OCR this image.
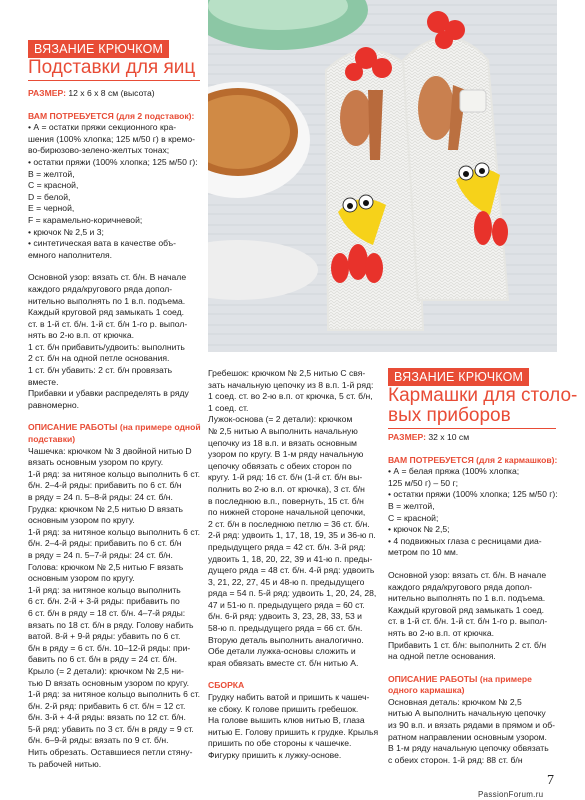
ВЯЗАНИЕ КРЮЧКОМ
Подставки для яиц

РАЗМЕР: 12 х 6 х 8 см (высота)

ВАМ ПОТРЕБУЕТСЯ (для 2 подставок):

• А = остатки пряжи секционного кра-

шения (100% хлопка; 125 м/50 г) в кремо-

во-бирюзово-зелено-желтых тонах;

• остатки пряжи (100% хлопка; 125 м/50 г):

В = желтой,

С = красной,

D = белой,

Е = черной,

F = карамельно-коричневой;

• крючок № 2,5 и 3;

• синтетическая вата в качестве объ-

емного наполнителя.

Основной узор: вязать ст. б/н. В начале

каждого ряда/кругового ряда допол-

нительно выполнять по 1 в.п. подъема.

Каждый круговой ряд замыкать 1 соед.

ст. в 1-й ст. б/н. 1-й ст. б/н 1-го р. выпол-

нять во 2-ю в.п. от крючка.

1 ст. б/н прибавить/удвоить: выполнить

2 ст. б/н на одной петле основания.

1 ст. б/н убавить: 2 ст. б/н провязать

вместе.

Прибавки и убавки распределять в ряду

равномерно.

ОПИСАНИЕ РАБОТЫ (на примере одной

подставки)

Чашечка: крючком № 3 двойной нитью D

вязать основным узором по кругу.

1-й ряд: за нитяное кольцо выполнить 6 ст.

б/н. 2–4-й ряды: прибавить по 6 ст. б/н

в ряду = 24 п. 5–8-й ряды: 24 ст. б/н.

Грудка: крючком № 2,5 нитью D вязать

основным узором по кругу.

1-й ряд: за нитяное кольцо выполнить 6 ст.

б/н. 2–4-й ряды: прибавить по 6 ст. б/н

в ряду = 24 п. 5–7-й ряды: 24 ст. б/н.

Голова: крючком № 2,5 нитью F вязать

основным узором по кругу.

1-й ряд: за нитяное кольцо выполнить

6 ст. б/н. 2-й + 3-й ряды: прибавить по

6 ст. б/н в ряду = 18 ст. б/н. 4–7-й ряды:

вязать по 18 ст. б/н в ряду. Голову набить

ватой. 8-й + 9-й ряды: убавить по 6 ст.

б/н в ряду = 6 ст. б/н. 10–12-й ряды: при-

бавить по 6 ст. б/н в ряду = 24 ст. б/н.

Крыло (= 2 детали): крючком № 2,5 ни-

тью D вязать основным узором по кругу.

1-й ряд: за нитяное кольцо выполнить 6 ст.

б/н. 2-й ряд: прибавить 6 ст. б/н = 12 ст.

б/н. 3-й + 4-й ряды: вязать по 12 ст. б/н.

5-й ряд: убавить по 3 ст. б/н в ряду = 9 ст.

б/н. 6–9-й ряды: вязать по 9 ст. б/н.

Нить обрезать. Оставшиеся петли стяну-

ть рабочей нитью.

Гребешок: крючком № 2,5 нитью С свя-

зать начальную цепочку из 8 в.п. 1-й ряд:

1 соед. ст. во 2-ю в.п. от крючка, 5 ст. б/н,

1 соед. ст.

Лужок-основа (= 2 детали): крючком

№ 2,5 нитью А выполнить начальную

цепочку из 18 в.п. и вязать основным

узором по кругу. В 1-м ряду начальную

цепочку обвязать с обеих сторон по

кругу. 1-й ряд: 16 ст. б/н (1-й ст. б/н вы-

полнить во 2-ю в.п. от крючка), 3 ст. б/н

в последнюю в.п., повернуть, 15 ст. б/н

по нижней стороне начальной цепочки,

2 ст. б/н в последнюю петлю = 36 ст. б/н.

2-й ряд: удвоить 1, 17, 18, 19, 35 и 36-ю п.

предыдущего ряда = 42 ст. б/н. 3-й ряд:

удвоить 1, 18, 20, 22, 39 и 41-ю п. преды-

дущего ряда = 48 ст. б/н. 4-й ряд: удвоить

3, 21, 22, 27, 45 и 48-ю п. предыдущего

ряда = 54 п. 5-й ряд: удвоить 1, 20, 24, 28,

47 и 51-ю п. предыдущего ряда = 60 ст.

б/н. 6-й ряд: удвоить 3, 23, 28, 33, 53 и

58-ю п. предыдущего ряда = 66 ст. б/н.

Вторую деталь выполнить аналогично.

Обе детали лужка-основы сложить и

края обвязать вместе ст. б/н нитью А.

СБОРКА

Грудку набить ватой и пришить к чашеч-

ке сбоку. К голове пришить гребешок.

На голове вышить клюв нитью В, глаза

нитью Е. Голову пришить к грудке. Крылья

пришить по обе стороны к чашечке.

Фигурку пришить к лужку-основе.

ВЯЗАНИЕ КРЮЧКОМ
Кармашки для столо-
вых приборов

РАЗМЕР: 32 х 10 см

ВАМ ПОТРЕБУЕТСЯ (для 2 кармашков):

• А = белая пряжа (100% хлопка;

125 м/50 г) – 50 г;

• остатки пряжи (100% хлопка; 125 м/50 г):

В = желтой,

С = красной;

• крючок № 2,5;

• 4 подвижных глаза с ресницами диа-

метром по 10 мм.

Основной узор: вязать ст. б/н. В начале

каждого ряда/кругового ряда допол-

нительно выполнять по 1 в.п. подъема.

Каждый круговой ряд замыкать 1 соед.

ст. в 1-й ст. б/н. 1-й ст. б/н 1-го р. выпол-

нять во 2-ю в.п. от крючка.

Прибавить 1 ст. б/н: выполнить 2 ст. б/н

на одной петле основания.

ОПИСАНИЕ РАБОТЫ (на примере

одного кармашка)

Основная деталь: крючком № 2,5

нитью А выполнить начальную цепочку

из 90 в.п. и вязать рядами в прямом и об-

ратном направлении основным узором.

В 1-м ряду начальную цепочку обвязать

с обеих сторон. 1-й ряд: 88 ст. б/н

7
PassionForum.ru
